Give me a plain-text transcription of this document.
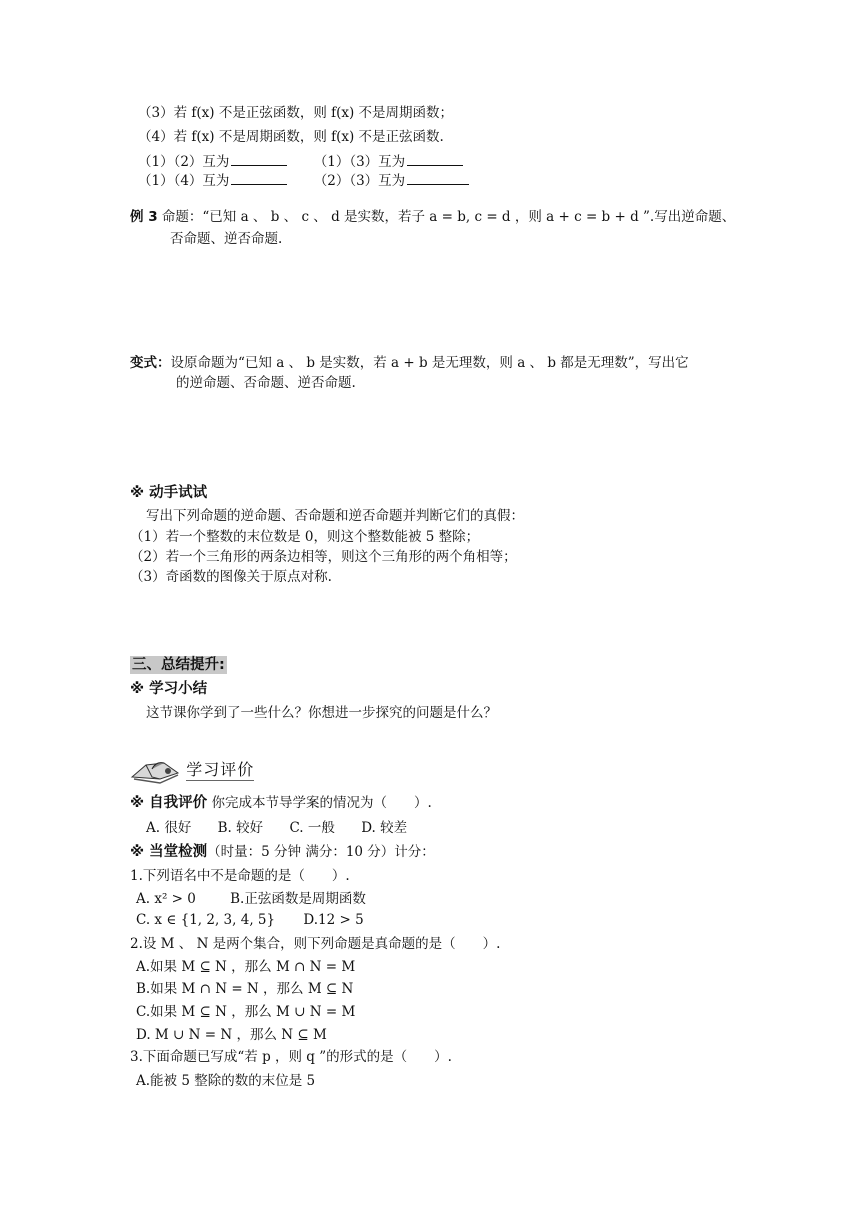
（3）若 f(x) 不是正弦函数，则 f(x) 不是周期函数；
（4）若 f(x) 不是周期函数，则 f(x) 不是正弦函数.
（1）（2）互为	（1）（3）互为
（1）（4）互为	（2）（3）互为
例 3 命题：“已知 a 、 b 、 c 、 d 是实数，若子 a = b, c = d ，则 a + c = b + d ”.写出逆命题、
否命题、逆否命题.
变式：设原命题为“已知 a 、 b 是实数，若 a + b 是无理数，则 a 、 b 都是无理数”，写出它
的逆命题、否命题、逆否命题.
※ 动手试试
写出下列命题的逆命题、否命题和逆否命题并判断它们的真假：
（1）若一个整数的末位数是 0，则这个整数能被 5 整除；
（2）若一个三角形的两条边相等，则这个三角形的两个角相等；
（3）奇函数的图像关于原点对称.
三、总结提升:
※ 学习小结
这节课你学到了一些什么？你想进一步探究的问题是什么？
学习评价
※ 自我评价 你完成本节导学案的情况为（　　）.
A. 很好 B. 较好 C. 一般 D. 较差
※ 当堂检测（时量：5 分钟 满分：10 分）计分：
1.下列语名中不是命题的是（　　）.
A. x² > 0	B.正弦函数是周期函数
C. x ∈ {1, 2, 3, 4, 5} D.12 > 5
2.设 M 、 N 是两个集合，则下列命题是真命题的是（　　）.
A.如果 M ⊆ N ，那么 M ∩ N = M
B.如果 M ∩ N = N ，那么 M ⊆ N
C.如果 M ⊆ N ，那么 M ∪ N = M
D. M ∪ N = N ，那么 N ⊆ M
3.下面命题已写成“若 p ，则 q ”的形式的是（　　）.
A.能被 5 整除的数的末位是 5
